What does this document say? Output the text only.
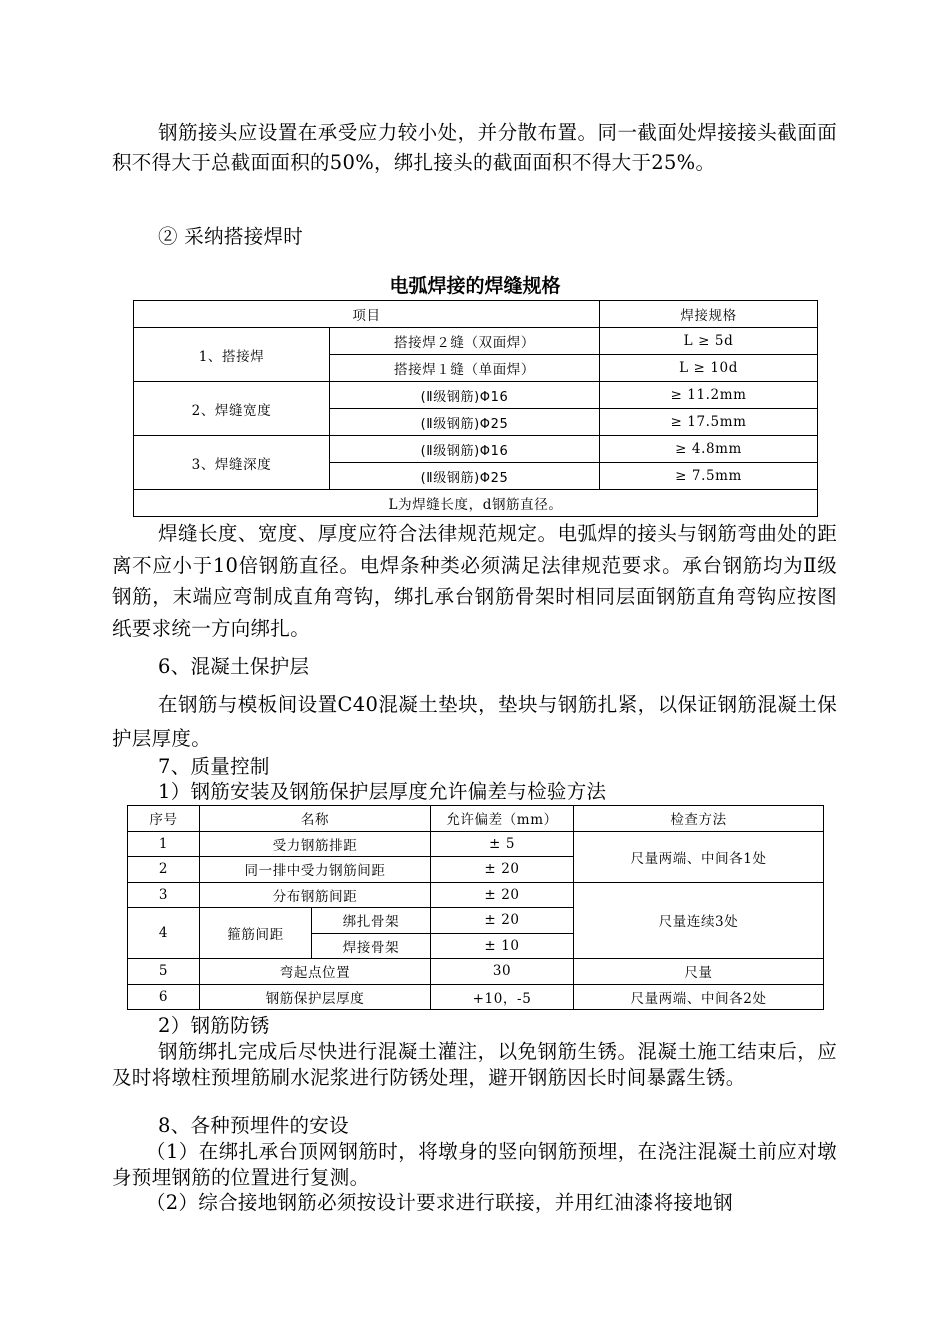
钢筋接头应设置在承受应力较小处，并分散布置。同一截面处焊接接头截面面积不得大于总截面面积的50%，绑扎接头的截面面积不得大于25%。
② 采纳搭接焊时
电弧焊接的焊缝规格
项目		焊接规格
1、搭接焊	搭接焊２缝（双面焊）	L ≥ 5d
	搭接焊１缝（单面焊）	L ≥ 10d
2、焊缝宽度	(Ⅱ级钢筋)Φ16	≥ 11.2mm
	(Ⅱ级钢筋)Φ25	≥ 17.5mm
3、焊缝深度	(Ⅱ级钢筋)Φ16	≥ 4.8mm
	(Ⅱ级钢筋)Φ25	≥ 7.5mm
L为焊缝长度，d钢筋直径。		
焊缝长度、宽度、厚度应符合法律规范规定。电弧焊的接头与钢筋弯曲处的距离不应小于10倍钢筋直径。电焊条种类必须满足法律规范要求。承台钢筋均为Ⅱ级钢筋，末端应弯制成直角弯钩，绑扎承台钢筋骨架时相同层面钢筋直角弯钩应按图纸要求统一方向绑扎。
6、混凝土保护层
在钢筋与模板间设置C40混凝土垫块，垫块与钢筋扎紧，以保证钢筋混凝土保护层厚度。
7、质量控制
1）钢筋安装及钢筋保护层厚度允许偏差与检验方法
序号	名称		允许偏差（mm）	检查方法
1	受力钢筋排距		± 5	尺量两端、中间各1处
2	同一排中受力钢筋间距		± 20	
3	分布钢筋间距		± 20	尺量连续3处
4	箍筋间距	绑扎骨架	± 20	
		焊接骨架	± 10	
5	弯起点位置		30	尺量
6	钢筋保护层厚度		+10，-5	尺量两端、中间各2处
2）钢筋防锈
钢筋绑扎完成后尽快进行混凝土灌注，以免钢筋生锈。混凝土施工结束后，应及时将墩柱预埋筋刷水泥浆进行防锈处理，避开钢筋因长时间暴露生锈。
8、各种预埋件的安设
（1）在绑扎承台顶网钢筋时，将墩身的竖向钢筋预埋，在浇注混凝土前应对墩身预埋钢筋的位置进行复测。
（2）综合接地钢筋必须按设计要求进行联接，并用红油漆将接地钢
